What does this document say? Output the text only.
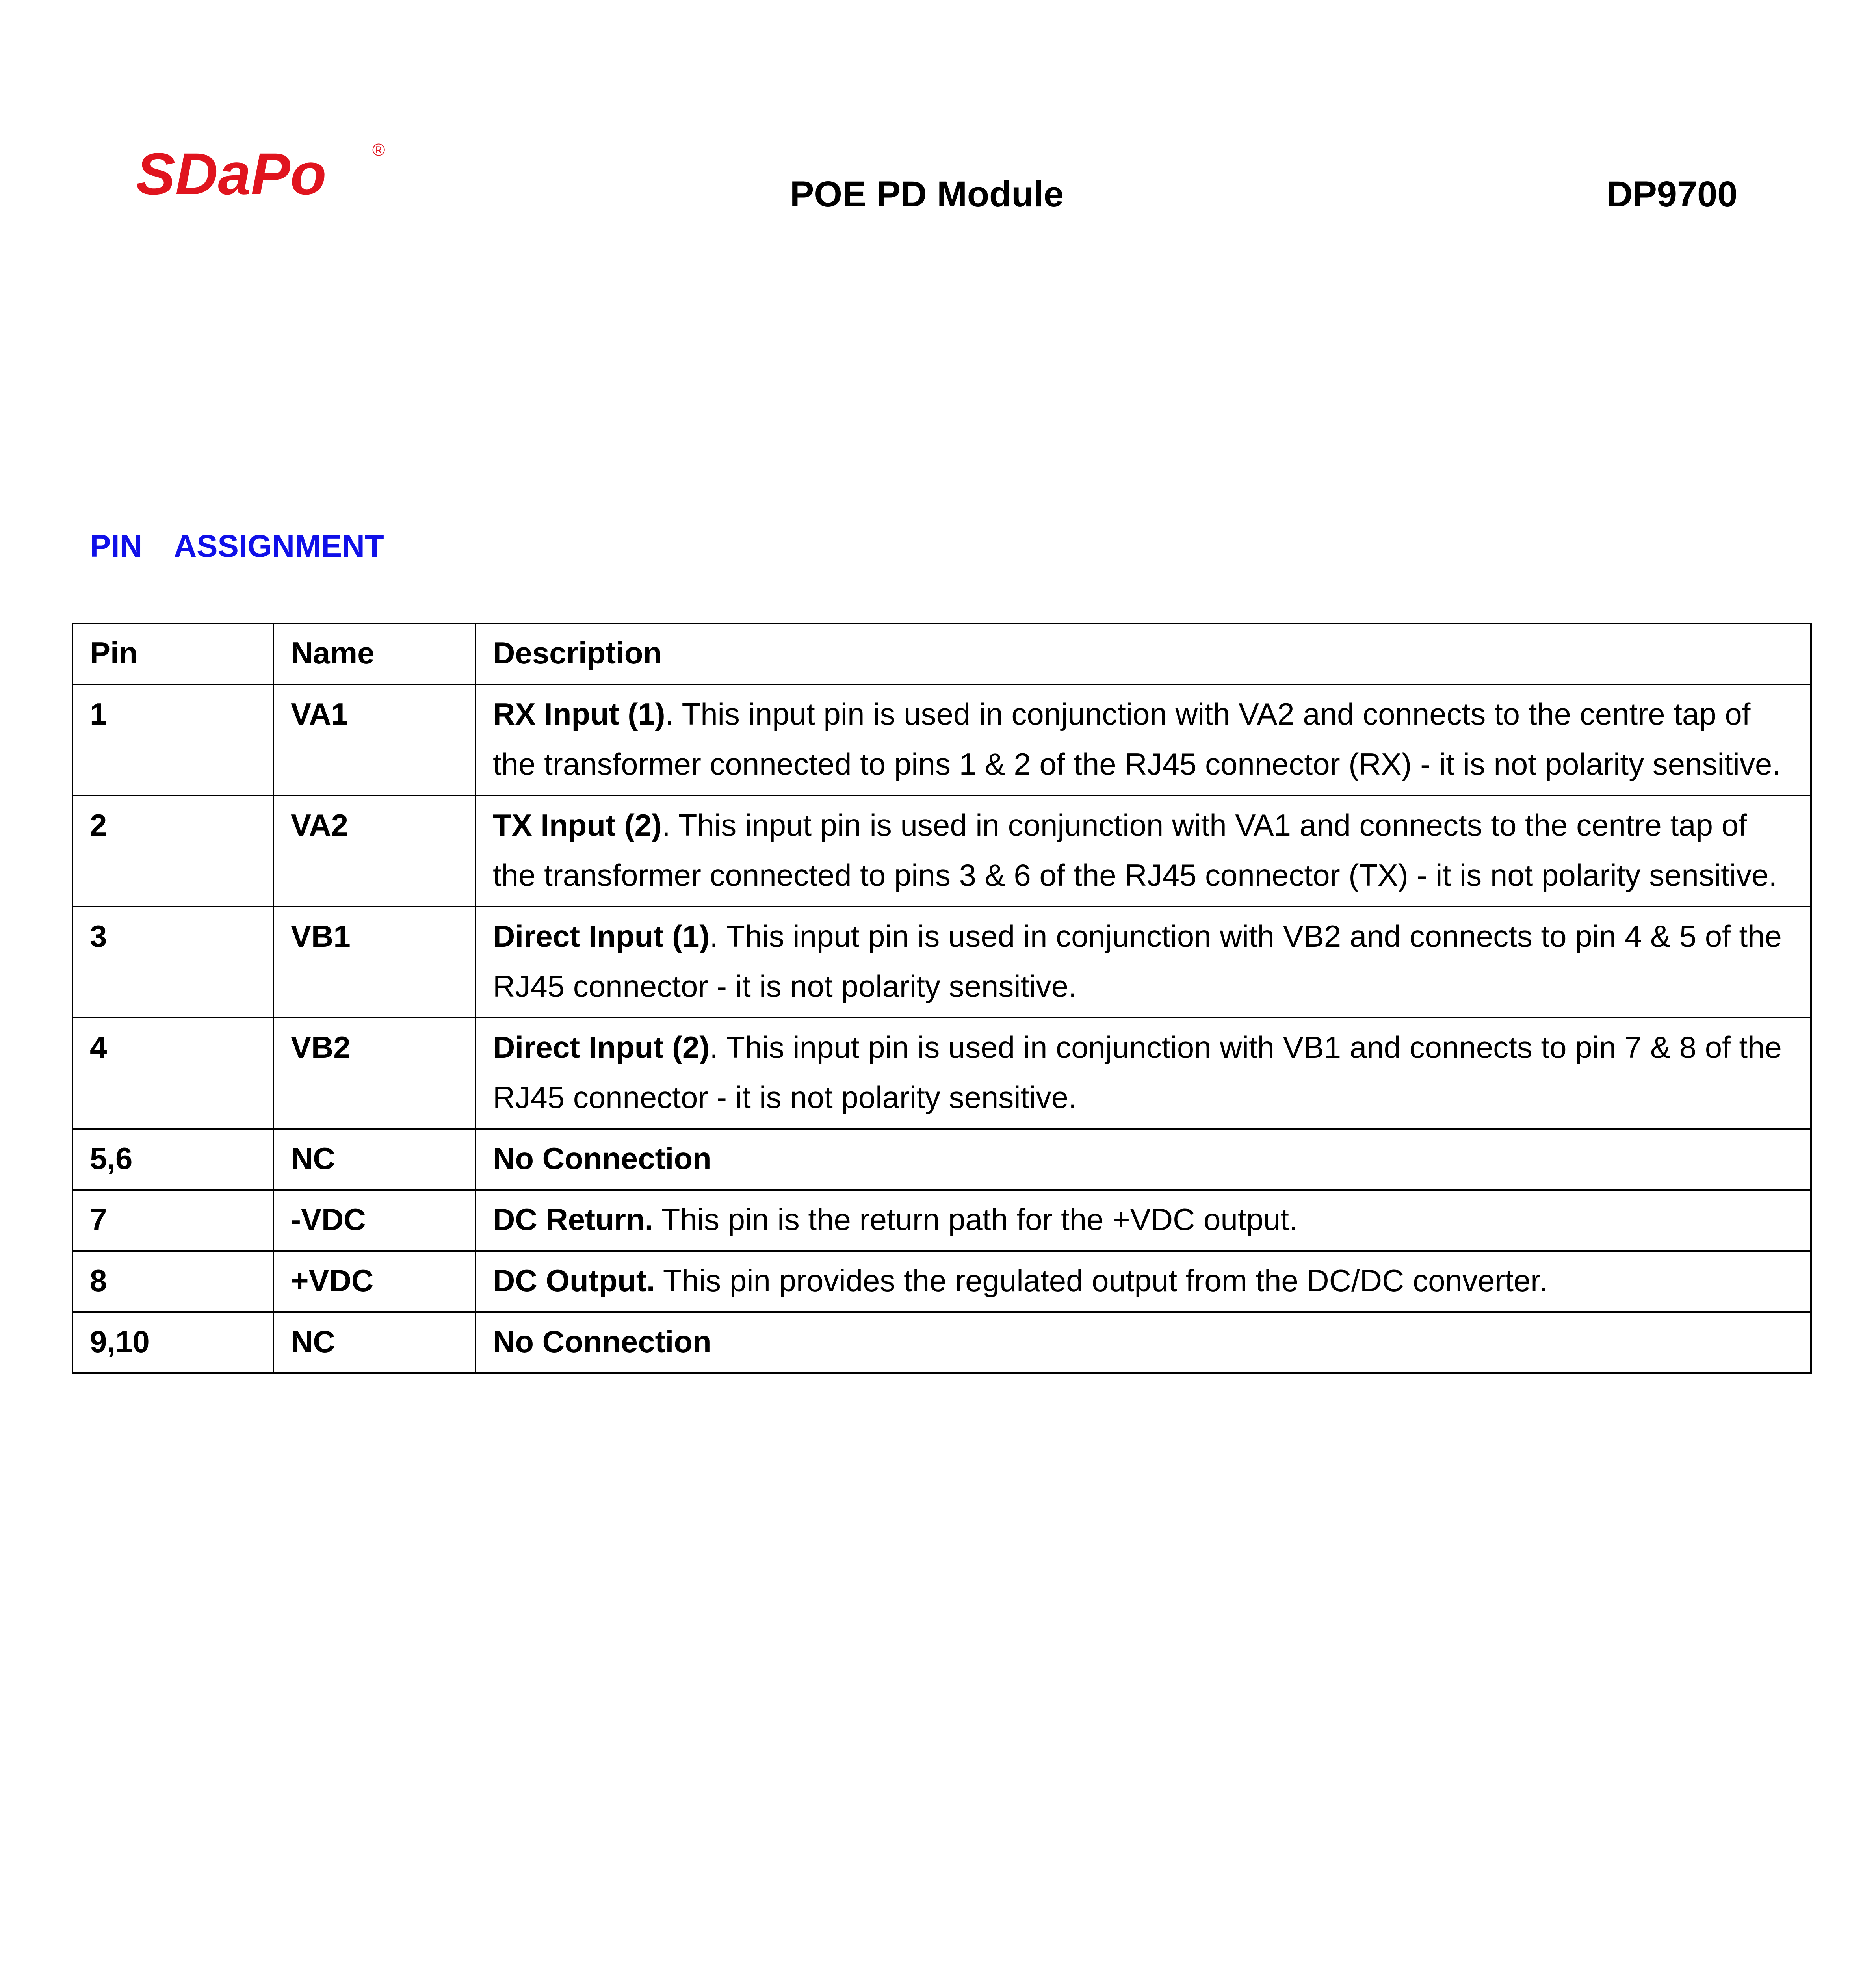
SDaPo	®
POE PD Module	DP9700
PIN ASSIGNMENT
Pin	Name	Description
1	VA1	RX Input (1). This input pin is used in conjunction with VA2 and connects to the centre tap of the transformer connected to pins 1 & 2 of the RJ45 connector (RX) - it is not polarity sensitive.
2	VA2	TX Input (2). This input pin is used in conjunction with VA1 and connects to the centre tap of the transformer connected to pins 3 & 6 of the RJ45 connector (TX) - it is not polarity sensitive.
3	VB1	Direct Input (1). This input pin is used in conjunction with VB2 and connects to pin 4 & 5 of the RJ45 connector - it is not polarity sensitive.
4	VB2	Direct Input (2). This input pin is used in conjunction with VB1 and connects to pin 7 & 8 of the RJ45 connector - it is not polarity sensitive.
5,6	NC	No Connection
7	-VDC	DC Return. This pin is the return path for the +VDC output.
8	+VDC	DC Output. This pin provides the regulated output from the DC/DC converter.
9,10	NC	No Connection
